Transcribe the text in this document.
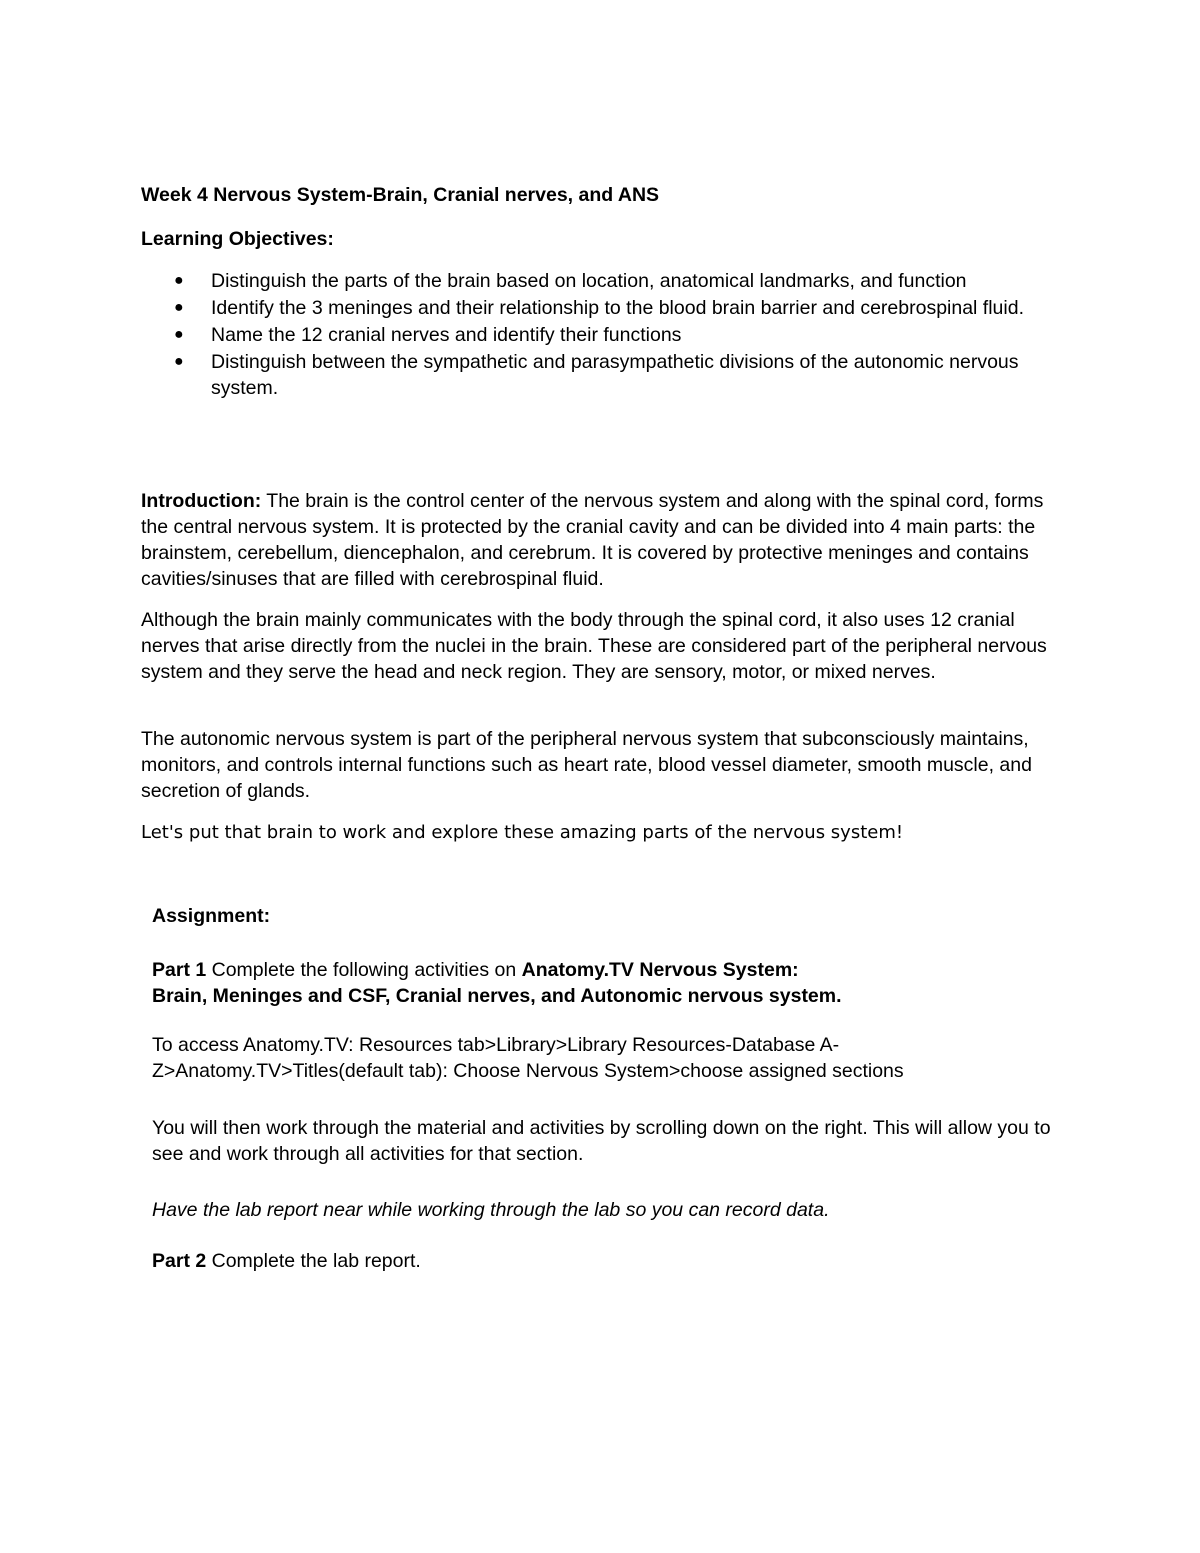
Week 4 Nervous System-Brain, Cranial nerves, and ANS

Learning Objectives:

● Distinguish the parts of the brain based on location, anatomical landmarks, and function
● Identify the 3 meninges and their relationship to the blood brain barrier and cerebrospinal fluid.
● Name the 12 cranial nerves and identify their functions
● Distinguish between the sympathetic and parasympathetic divisions of the autonomic nervous system.

Introduction: The brain is the control center of the nervous system and along with the spinal cord, forms the central nervous system. It is protected by the cranial cavity and can be divided into 4 main parts: the brainstem, cerebellum, diencephalon, and cerebrum. It is covered by protective meninges and contains cavities/sinuses that are filled with cerebrospinal fluid.

Although the brain mainly communicates with the body through the spinal cord, it also uses 12 cranial nerves that arise directly from the nuclei in the brain. These are considered part of the peripheral nervous system and they serve the head and neck region. They are sensory, motor, or mixed nerves.

The autonomic nervous system is part of the peripheral nervous system that subconsciously maintains, monitors, and controls internal functions such as heart rate, blood vessel diameter, smooth muscle, and secretion of glands.

Let's put that brain to work and explore these amazing parts of the nervous system!

Assignment:

Part 1 Complete the following activities on Anatomy.TV Nervous System:
Brain, Meninges and CSF, Cranial nerves, and Autonomic nervous system.

To access Anatomy.TV: Resources tab>Library>Library Resources-Database A-Z>Anatomy.TV>Titles(default tab): Choose Nervous System>choose assigned sections

You will then work through the material and activities by scrolling down on the right. This will allow you to see and work through all activities for that section.

Have the lab report near while working through the lab so you can record data.

Part 2 Complete the lab report.
